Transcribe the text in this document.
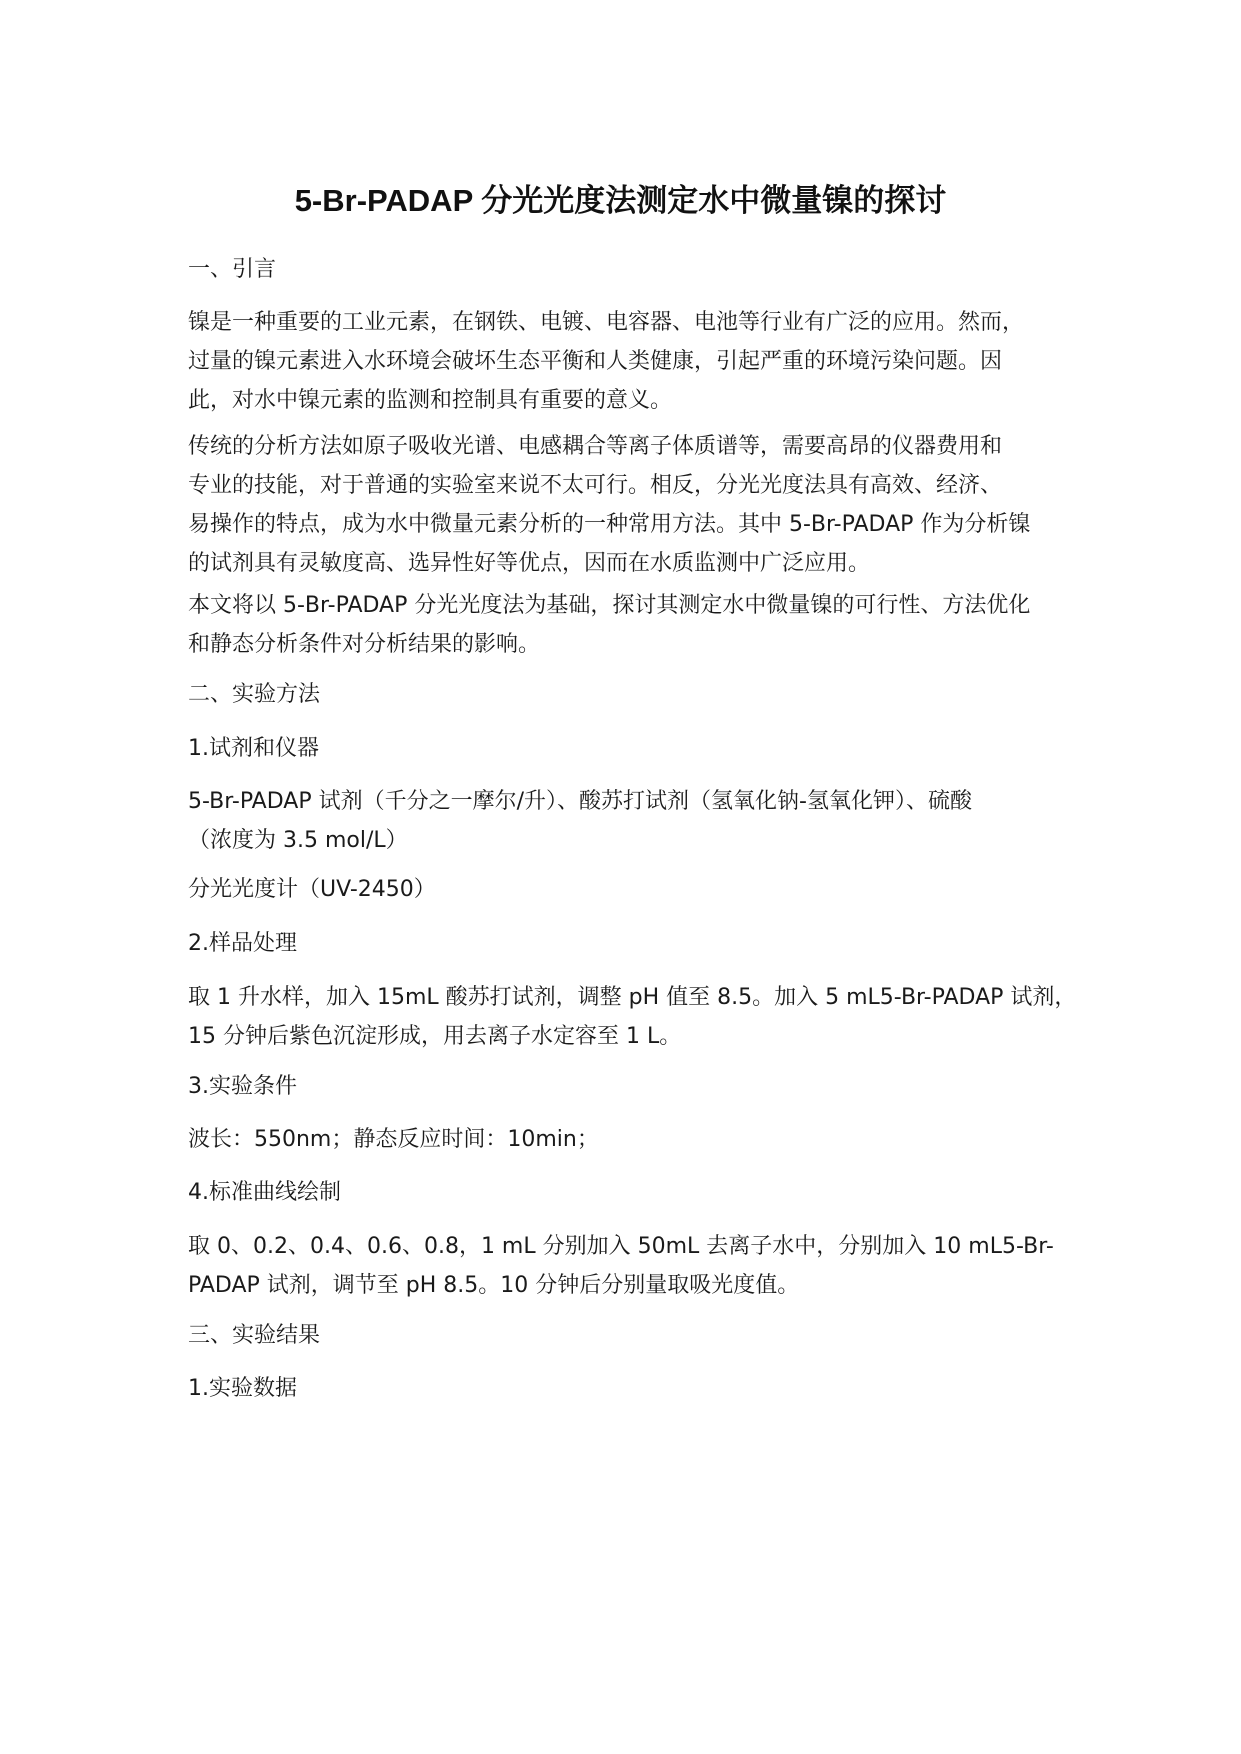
5-Br-PADAP 分光光度法测定水中微量镍的探讨
一、引言
镍是一种重要的工业元素，在钢铁、电镀、电容器、电池等行业有广泛的应用。然而，
过量的镍元素进入水环境会破坏生态平衡和人类健康，引起严重的环境污染问题。因
此，对水中镍元素的监测和控制具有重要的意义。
传统的分析方法如原子吸收光谱、电感耦合等离子体质谱等，需要高昂的仪器费用和
专业的技能，对于普通的实验室来说不太可行。相反，分光光度法具有高效、经济、
易操作的特点，成为水中微量元素分析的一种常用方法。其中 5-Br-PADAP 作为分析镍
的试剂具有灵敏度高、选异性好等优点，因而在水质监测中广泛应用。
本文将以 5-Br-PADAP 分光光度法为基础，探讨其测定水中微量镍的可行性、方法优化
和静态分析条件对分析结果的影响。
二、实验方法
1.试剂和仪器
5-Br-PADAP 试剂（千分之一摩尔/升）、酸苏打试剂（氢氧化钠-氢氧化钾）、硫酸
（浓度为 3.5 mol/L）
分光光度计（UV-2450）
2.样品处理
取 1 升水样，加入 15mL 酸苏打试剂，调整 pH 值至 8.5。加入 5 mL5-Br-PADAP 试剂，
15 分钟后紫色沉淀形成，用去离子水定容至 1 L。
3.实验条件
波长：550nm；静态反应时间：10min；
4.标准曲线绘制
取 0、0.2、0.4、0.6、0.8，1 mL 分别加入 50mL 去离子水中，分别加入 10 mL5-Br-
PADAP 试剂，调节至 pH 8.5。10 分钟后分别量取吸光度值。
三、实验结果
1.实验数据
